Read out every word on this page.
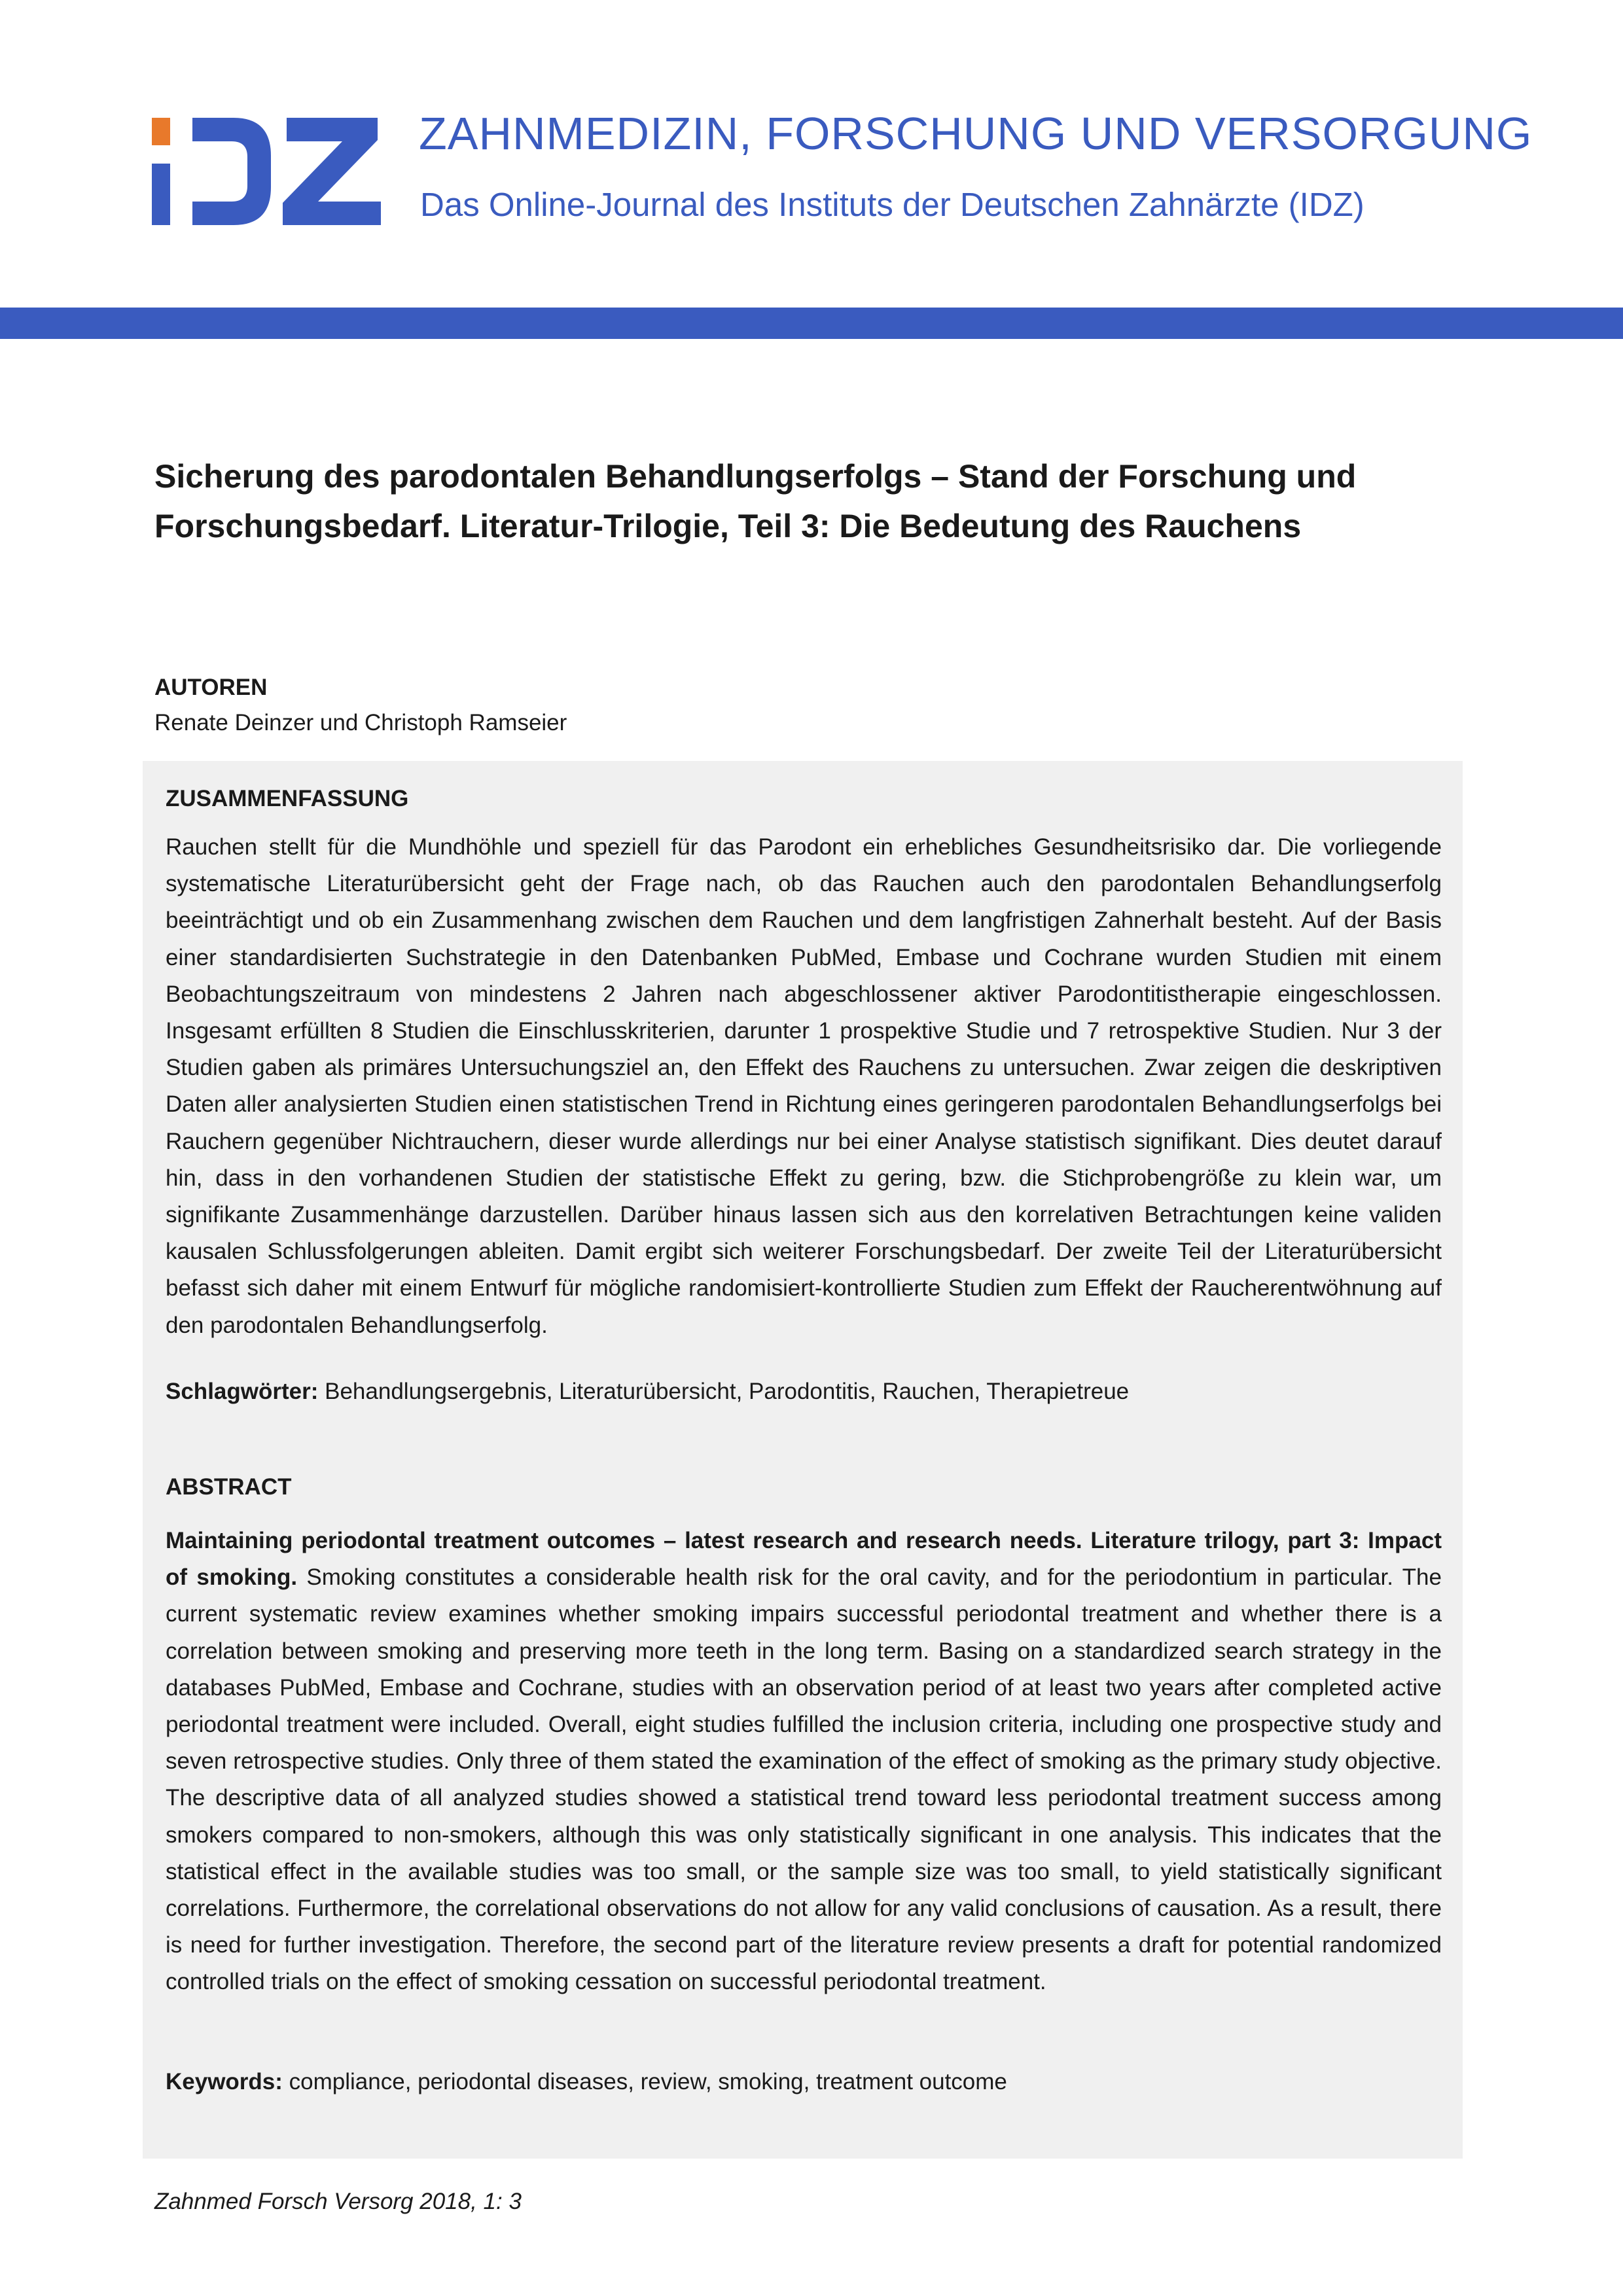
ZAHNMEDIZIN, FORSCHUNG UND VERSORGUNG
Das Online-Journal des Instituts der Deutschen Zahnärzte (IDZ)
Sicherung des parodontalen Behandlungserfolgs – Stand der Forschung und Forschungsbedarf. Literatur-Trilogie, Teil 3: Die Bedeutung des Rauchens
AUTOREN
Renate Deinzer und Christoph Ramseier
ZUSAMMENFASSUNG
Rauchen stellt für die Mundhöhle und speziell für das Parodont ein erhebliches Gesundheitsrisiko dar. Die vorliegende systematische Literaturübersicht geht der Frage nach, ob das Rauchen auch den parodontalen Behandlungserfolg beeinträchtigt und ob ein Zusammenhang zwischen dem Rauchen und dem langfristigen Zahnerhalt besteht. Auf der Basis einer standardisierten Suchstrategie in den Datenbanken PubMed, Embase und Cochrane wurden Studien mit einem Beobachtungszeitraum von mindestens 2 Jahren nach abgeschlossener aktiver Parodontitistherapie eingeschlossen. Insgesamt erfüllten 8 Studien die Einschlusskriterien, darunter 1 prospektive Studie und 7 retrospektive Studien. Nur 3 der Studien gaben als primäres Untersuchungsziel an, den Effekt des Rauchens zu untersuchen. Zwar zeigen die deskriptiven Daten aller analysierten Studien einen statistischen Trend in Richtung eines geringeren parodontalen Behandlungserfolgs bei Rauchern gegenüber Nichtrauchern, dieser wurde allerdings nur bei einer Analyse statistisch signifikant. Dies deutet darauf hin, dass in den vorhandenen Studien der statistische Effekt zu gering, bzw. die Stichprobengröße zu klein war, um signifikante Zusammenhänge darzustellen. Darüber hinaus lassen sich aus den korrelativen Betrachtungen keine validen kausalen Schlussfolgerungen ableiten. Damit ergibt sich weiterer Forschungsbedarf. Der zweite Teil der Literaturübersicht befasst sich daher mit einem Entwurf für mögliche randomisiert-kontrollierte Studien zum Effekt der Raucherentwöhnung auf den parodontalen Behandlungserfolg.
Schlagwörter: Behandlungsergebnis, Literaturübersicht, Parodontitis, Rauchen, Therapietreue
ABSTRACT
Maintaining periodontal treatment outcomes – latest research and research needs. Literature trilogy, part 3: Impact of smoking. Smoking constitutes a considerable health risk for the oral cavity, and for the periodontium in particular. The current systematic review examines whether smoking impairs successful periodontal treatment and whether there is a correlation between smoking and preserving more teeth in the long term. Basing on a standardized search strategy in the databases PubMed, Embase and Cochrane, studies with an observation period of at least two years after completed active periodontal treatment were included. Overall, eight studies fulfilled the inclusion criteria, including one prospective study and seven retrospective studies. Only three of them stated the examination of the effect of smoking as the primary study objective. The descriptive data of all analyzed studies showed a statistical trend toward less periodontal treatment success among smokers compared to non-smokers, although this was only statistically significant in one analysis. This indicates that the statistical effect in the available studies was too small, or the sample size was too small, to yield statistically significant correlations. Furthermore, the correlational observations do not allow for any valid conclusions of causation. As a result, there is need for further investigation. Therefore, the second part of the literature review presents a draft for potential randomized controlled trials on the effect of smoking cessation on successful periodontal treatment.
Keywords: compliance, periodontal diseases, review, smoking, treatment outcome
Zahnmed Forsch Versorg 2018, 1: 3
